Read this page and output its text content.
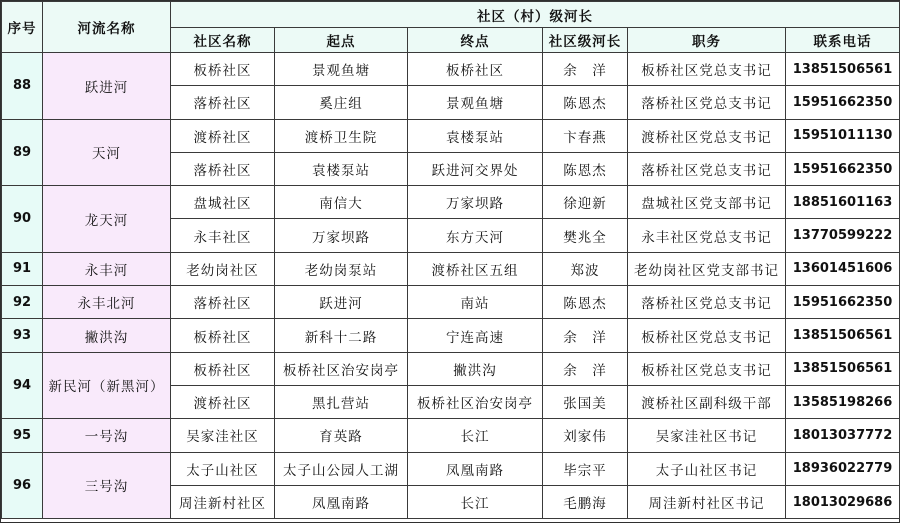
序号	河流名称	社区（村）级河长					
		社区名称	起点	终点	社区级河长	职务	联系电话
88	跃进河	板桥社区	景观鱼塘	板桥社区	余　洋	板桥社区党总支书记	13851506561
		落桥社区	奚庄组	景观鱼塘	陈恩杰	落桥社区党总支书记	15951662350
89	天河	渡桥社区	渡桥卫生院	袁楼泵站	卞春燕	渡桥社区党总支书记	15951011130
		落桥社区	袁楼泵站	跃进河交界处	陈恩杰	落桥社区党总支书记	15951662350
90	龙天河	盘城社区	南信大	万家坝路	徐迎新	盘城社区党支部书记	18851601163
		永丰社区	万家坝路	东方天河	樊兆全	永丰社区党总支书记	13770599222
91	永丰河	老幼岗社区	老幼岗泵站	渡桥社区五组	郑波	老幼岗社区党支部书记	13601451606
92	永丰北河	落桥社区	跃进河	南站	陈恩杰	落桥社区党总支书记	15951662350
93	撇洪沟	板桥社区	新科十二路	宁连高速	余　洋	板桥社区党总支书记	13851506561
94	新民河（新黑河）	板桥社区	板桥社区治安岗亭	撇洪沟	余　洋	板桥社区党总支书记	13851506561
		渡桥社区	黑扎营站	板桥社区治安岗亭	张国美	渡桥社区副科级干部	13585198266
95	一号沟	吴家洼社区	育英路	长江	刘家伟	吴家洼社区书记	18013037772
96	三号沟	太子山社区	太子山公园人工湖	凤凰南路	毕宗平	太子山社区书记	18936022779
		周洼新村社区	凤凰南路	长江	毛鹏海	周洼新村社区书记	18013029686
